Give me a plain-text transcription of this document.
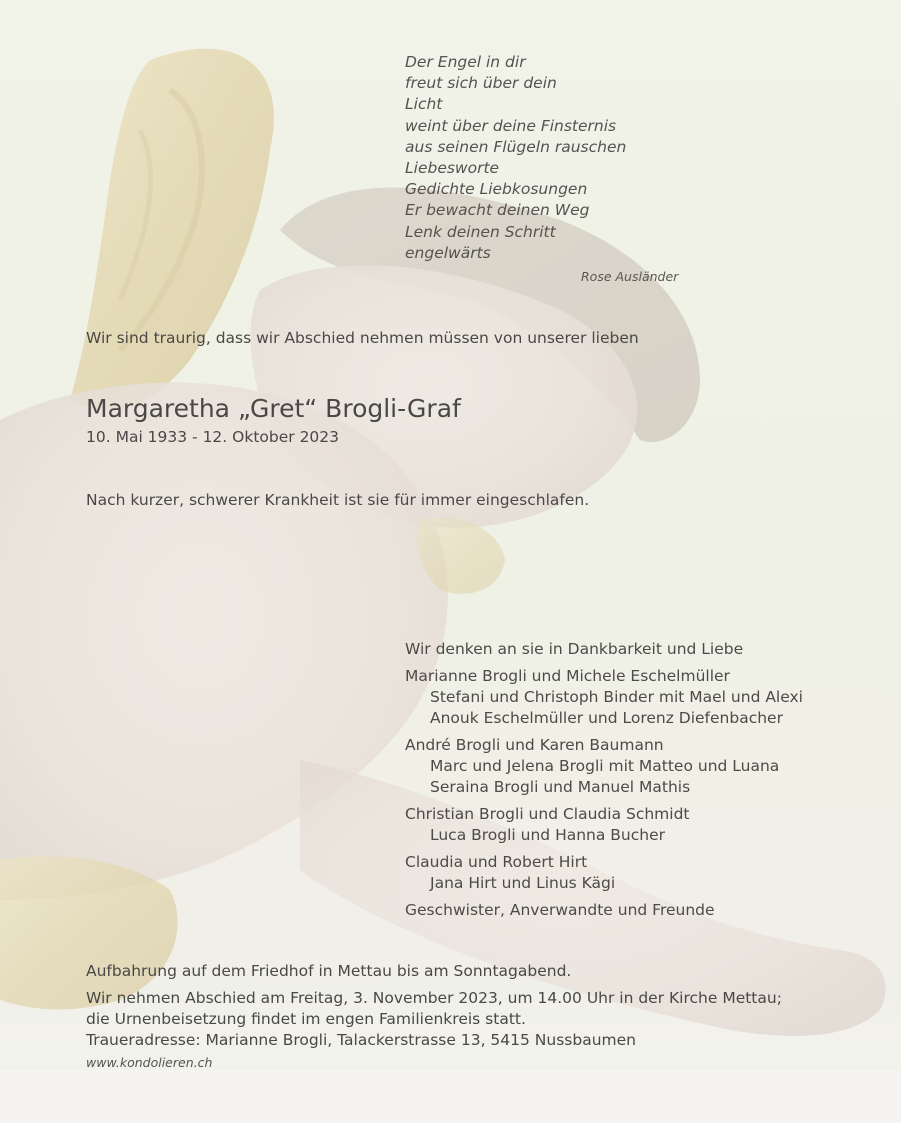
Der Engel in dir
freut sich über dein
Licht
weint über deine Finsternis
aus seinen Flügeln rauschen
Liebesworte
Gedichte Liebkosungen
Er bewacht deinen Weg
Lenk deinen Schritt
engelwärts
Rose Ausländer

Wir sind traurig, dass wir Abschied nehmen müssen von unserer lieben

Margaretha „Gret“ Brogli-Graf

10. Mai 1933 - 12. Oktober 2023

Nach kurzer, schwerer Krankheit ist sie für immer eingeschlafen.

Wir denken an sie in Dankbarkeit und Liebe
Marianne Brogli und Michele Eschelmüller
Stefani und Christoph Binder mit Mael und Alexi
Anouk Eschelmüller und Lorenz Diefenbacher
André Brogli und Karen Baumann
Marc und Jelena Brogli mit Matteo und Luana
Seraina Brogli und Manuel Mathis
Christian Brogli und Claudia Schmidt
Luca Brogli und Hanna Bucher
Claudia und Robert Hirt
Jana Hirt und Linus Kägi
Geschwister, Anverwandte und Freunde
Aufbahrung auf dem Friedhof in Mettau bis am Sonntagabend.
Wir nehmen Abschied am Freitag, 3. November 2023, um 14.00 Uhr in der Kirche Mettau;
die Urnenbeisetzung findet im engen Familienkreis statt.
Traueradresse: Marianne Brogli, Talackerstrasse 13, 5415 Nussbaumen
www.kondolieren.ch
